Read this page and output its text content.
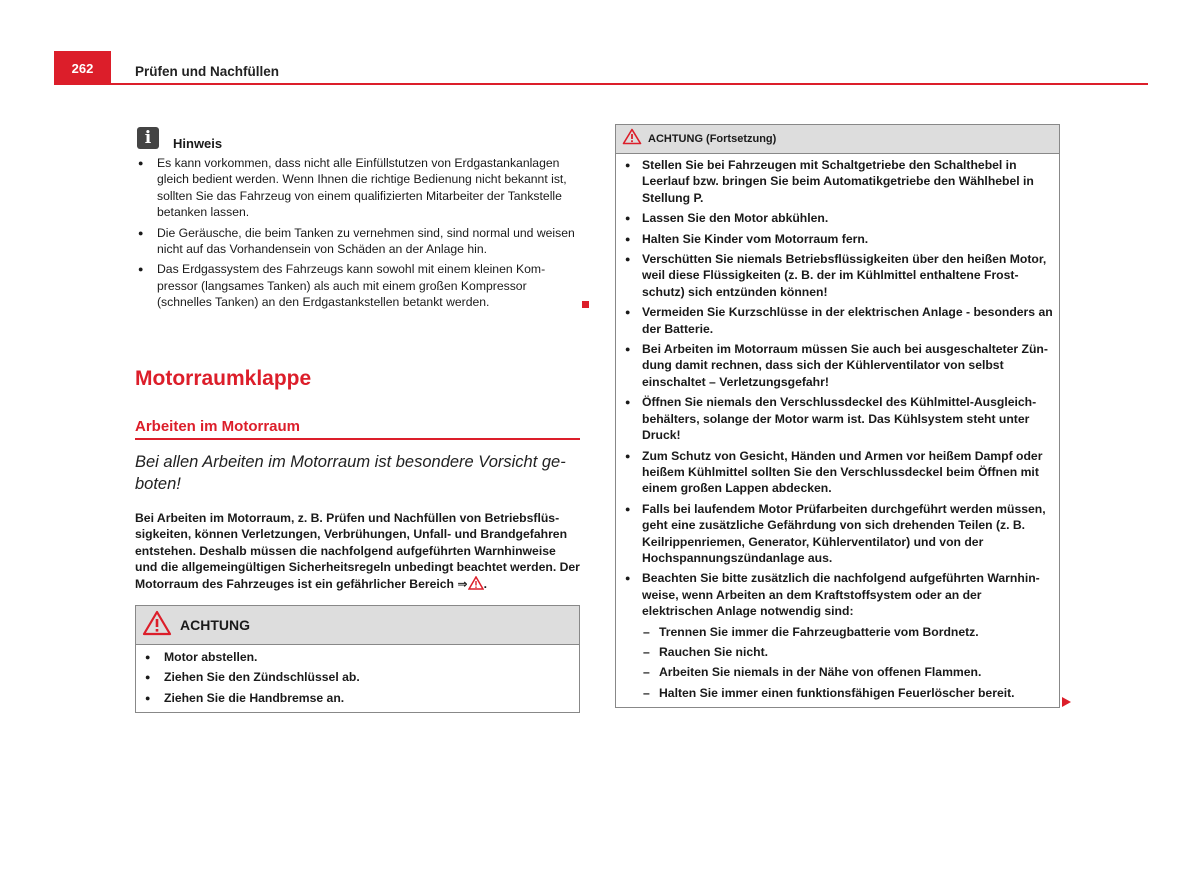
262	Prüfen und Nachfüllen
i	Hinweis
● Es kann vorkommen, dass nicht alle Einfüllstutzen von Erdgastankanlagen gleich bedient werden. Wenn Ihnen die richtige Bedienung nicht bekannt ist, sollten Sie das Fahrzeug von einem qualifizierten Mitarbeiter der Tankstelle betanken lassen.
● Die Geräusche, die beim Tanken zu vernehmen sind, sind normal und weisen nicht auf das Vorhandensein von Schäden an der Anlage hin.
● Das Erdgassystem des Fahrzeugs kann sowohl mit einem kleinen Kompressor (langsames Tanken) als auch mit einem großen Kompressor (schnelles Tanken) an den Erdgastankstellen betankt werden.
Motorraumklappe
Arbeiten im Motorraum
Bei allen Arbeiten im Motorraum ist besondere Vorsicht geboten!
Bei Arbeiten im Motorraum, z. B. Prüfen und Nachfüllen von Betriebsflüssigkeiten, können Verletzungen, Verbrühungen, Unfall- und Brandgefahren entstehen. Deshalb müssen die nachfolgend aufgeführten Warnhinweise und die allgemeingültigen Sicherheitsregeln unbedingt beachtet werden. Der Motorraum des Fahrzeuges ist ein gefährlicher Bereich ⇒ .
ACHTUNG
● Motor abstellen.
● Ziehen Sie den Zündschlüssel ab.
● Ziehen Sie die Handbremse an.
ACHTUNG (Fortsetzung)
● Stellen Sie bei Fahrzeugen mit Schaltgetriebe den Schalthebel in Leerlauf bzw. bringen Sie beim Automatikgetriebe den Wählhebel in Stellung P.
● Lassen Sie den Motor abkühlen.
● Halten Sie Kinder vom Motorraum fern.
● Verschütten Sie niemals Betriebsflüssigkeiten über den heißen Motor, weil diese Flüssigkeiten (z. B. der im Kühlmittel enthaltene Frostschutz) sich entzünden können!
● Vermeiden Sie Kurzschlüsse in der elektrischen Anlage - besonders an der Batterie.
● Bei Arbeiten im Motorraum müssen Sie auch bei ausgeschalteter Zündung damit rechnen, dass sich der Kühlerventilator von selbst einschaltet – Verletzungsgefahr!
● Öffnen Sie niemals den Verschlussdeckel des Kühlmittel-Ausgleichbehälters, solange der Motor warm ist. Das Kühlsystem steht unter Druck!
● Zum Schutz von Gesicht, Händen und Armen vor heißem Dampf oder heißem Kühlmittel sollten Sie den Verschlussdeckel beim Öffnen mit einem großen Lappen abdecken.
● Falls bei laufendem Motor Prüfarbeiten durchgeführt werden müssen, geht eine zusätzliche Gefährdung von sich drehenden Teilen (z. B. Keilrippenriemen, Generator, Kühlerventilator) und von der Hochspannungszündanlage aus.
● Beachten Sie bitte zusätzlich die nachfolgend aufgeführten Warnhinweise, wenn Arbeiten an dem Kraftstoffsystem oder an der elektrischen Anlage notwendig sind:
– Trennen Sie immer die Fahrzeugbatterie vom Bordnetz.
– Rauchen Sie nicht.
– Arbeiten Sie niemals in der Nähe von offenen Flammen.
– Halten Sie immer einen funktionsfähigen Feuerlöscher bereit.
